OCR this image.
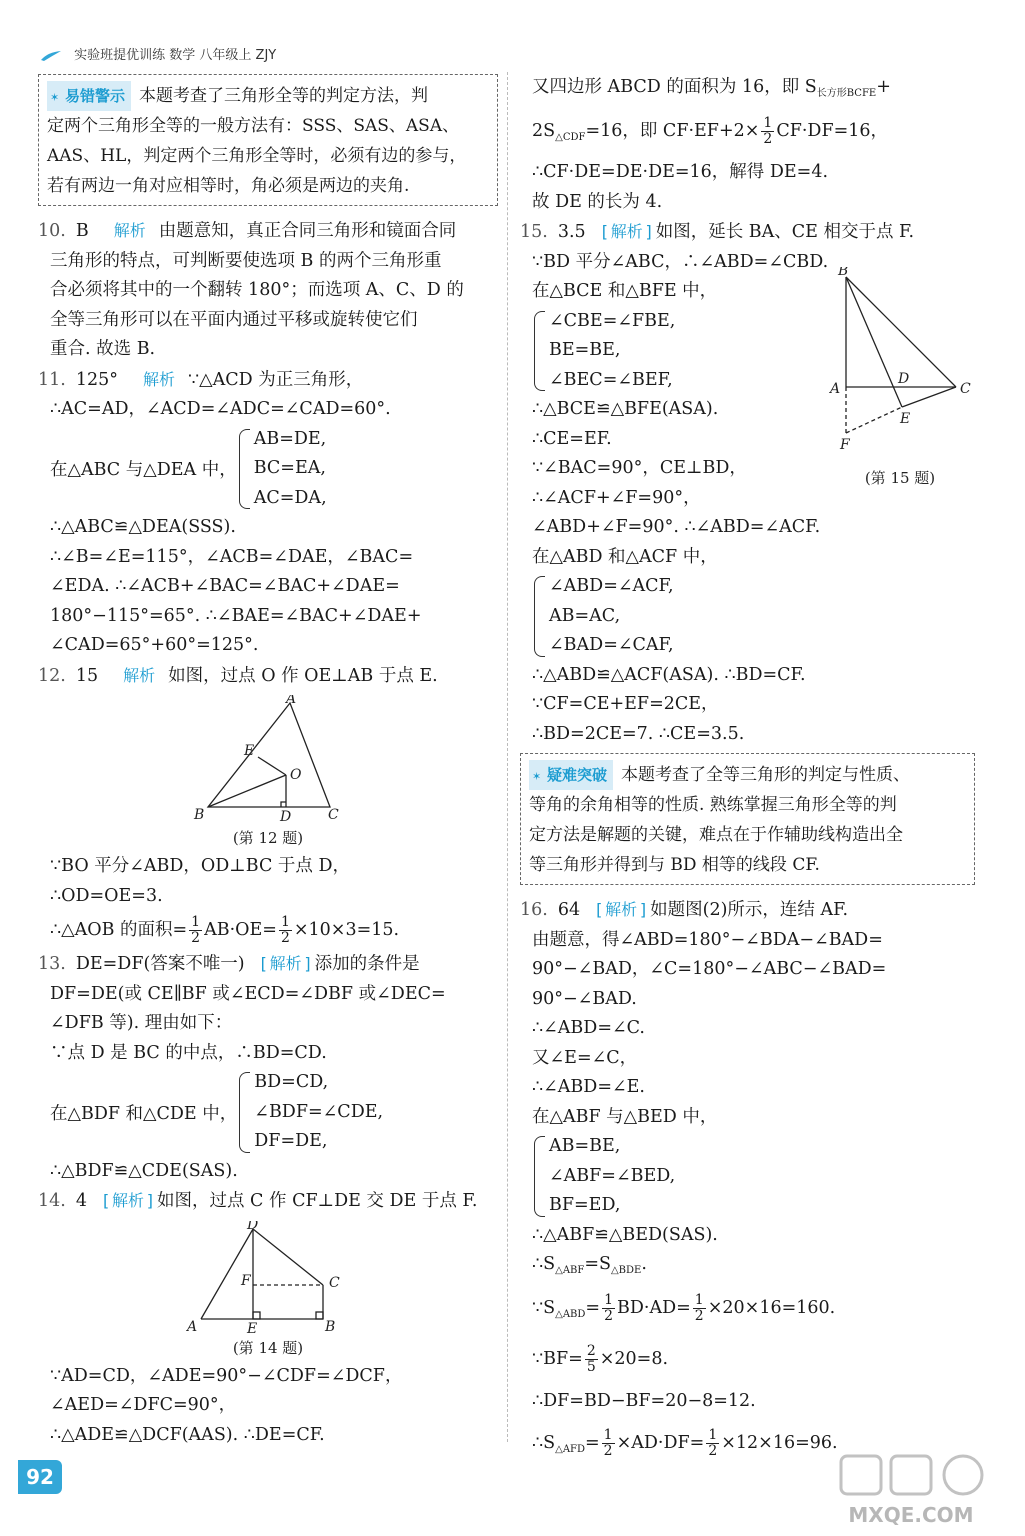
实验班提优训练 数学 八年级上 ZJY
✶ 易错警示 本题考查了三角形全等的判定方法，判
定两个三角形全等的一般方法有：SSS、SAS、ASA、
AAS、HL，判定两个三角形全等时，必须有边的参与，
若有两边一角对应相等时，角必须是两边的夹角.
10. B 解析 由题意知，真正合同三角形和镜面合同
三角形的特点，可判断要使选项 B 的两个三角形重
合必须将其中的一个翻转 180°；而选项 A、C、D 的
全等三角形可以在平面内通过平移或旋转使它们
重合. 故选 B.
11. 125° 解析 ∵△ACD 为正三角形，
∴AC=AD，∠ACD=∠ADC=∠CAD=60°.
在△ABC 与△DEA 中，
AB=DE,
BC=EA,
AC=DA,
∴△ABC≌△DEA(SSS).
∴∠B=∠E=115°，∠ACB=∠DAE，∠BAC=
∠EDA. ∴∠ACB+∠BAC=∠BAC+∠DAE=
180°−115°=65°. ∴∠BAE=∠BAC+∠DAE+
∠CAD=65°+60°=125°.
12. 15 解析 如图，过点 O 作 OE⊥AB 于点 E.
A
B	C
D
E
O
(第 12 题)
∵BO 平分∠ABD，OD⊥BC 于点 D，
∴OD=OE=3.
∴△AOB 的面积= $\frac{1}{2} AB\cdot OE= \frac{1}{2} \times 10\times 3=15$.
13. DE=DF(答案不唯一) [ 解析 ] 添加的条件是
DF=DE(或 CE∥BF 或∠ECD=∠DBF 或∠DEC=
∠DFB 等). 理由如下：
∵点 D 是 BC 的中点，∴BD=CD.
在△BDF 和△CDE 中，
BD=CD,
∠BDF=∠CDE,
DF=DE,
∴△BDF≌△CDE(SAS).
14. 4 [ 解析 ] 如图，过点 C 作 CF⊥DE 交 DE 于点 F.
D
A	B
C
E
F
(第 14 题)
∵AD=CD，∠ADE=90°−∠CDF=∠DCF，
∠AED=∠DFC=90°，
∴△ADE≌△DCF(AAS). ∴DE=CF.
又四边形 ABCD 的面积为 16，即 $S_{长方形BCFE}+$
$2S_{\triangle CDF}=16$，即 $CF\cdot EF+2\times \frac{1}{2} CF\cdot DF=16$，
∴CF·DE=DE·DE=16，解得 DE=4.
故 DE 的长为 4.
15. 3.5 [ 解析 ] 如图，延长 BA、CE 相交于点 F.
∵BD 平分∠ABC，∴∠ABD=∠CBD.
在△BCE 和△BFE 中，
∠CBE=∠FBE,
BE=BE,
∠BEC=∠BEF,
∴△BCE≌△BFE(ASA).
∴CE=EF.
∵∠BAC=90°，CE⊥BD，
∴∠ACF+∠F=90°，
∠ABD+∠F=90°. ∴∠ABD=∠ACF.
在△ABD 和△ACF 中，
∠ABD=∠ACF,
AB=AC,
∠BAD=∠CAF,
∴△ABD≌△ACF(ASA). ∴BD=CF.
∵CF=CE+EF=2CE，
∴BD=2CE=7. ∴CE=3.5.
B
A	C
D
E
F
(第 15 题)
✶ 疑难突破 本题考查了全等三角形的判定与性质、
等角的余角相等的性质. 熟练掌握三角形全等的判
定方法是解题的关键，难点在于作辅助线构造出全
等三角形并得到与 BD 相等的线段 CF.
16. 64 [ 解析 ] 如题图(2)所示，连结 AF.
由题意，得∠ABD=180°−∠BDA−∠BAD=
90°−∠BAD，∠C=180°−∠ABC−∠BAD=
90°−∠BAD.
∴∠ABD=∠C.
又∠E=∠C，
∴∠ABD=∠E.
在△ABF 与△BED 中，
AB=BE,
∠ABF=∠BED,
BF=ED,
∴△ABF≌△BED(SAS).
$\therefore S_{\triangle ABF}=S_{\triangle BDE}$.
$\because S_{\triangle ABD}= \frac{1}{2} BD\cdot AD= \frac{1}{2} \times 20\times 16=160$.
∵BF= $\frac{2}{5} \times 20=8$.
∴DF=BD−BF=20−8=12.
$\therefore S_{\triangle AFD}= \frac{1}{2} \times AD\cdot DF= \frac{1}{2} \times 12\times 16=96$.
92
MXQE.COM
